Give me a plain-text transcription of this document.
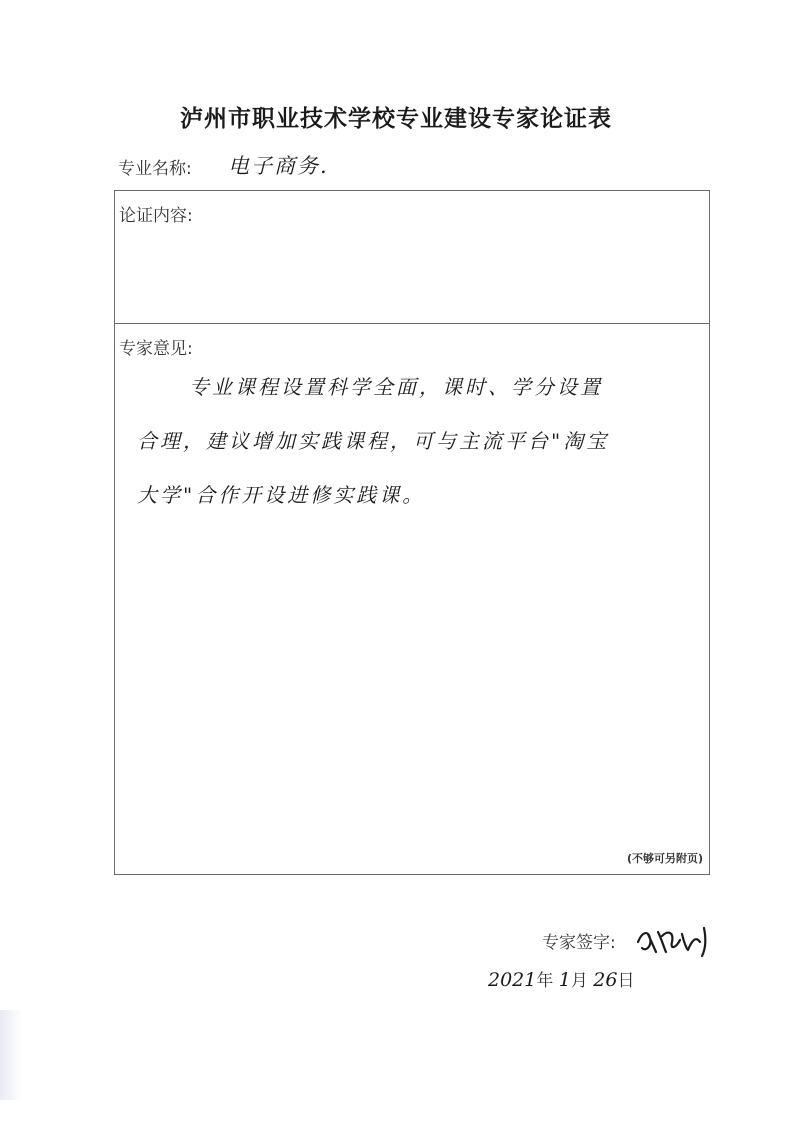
泸州市职业技术学校专业建设专家论证表
专业名称: 电子商务.
论证内容:
专家意见:
专业课程设置科学全面，课时、学分设置
合理，建议增加实践课程，可与主流平台"淘宝
大学"合作开设进修实践课。
(不够可另附页)
专家签字:
2021年 1月 26日
